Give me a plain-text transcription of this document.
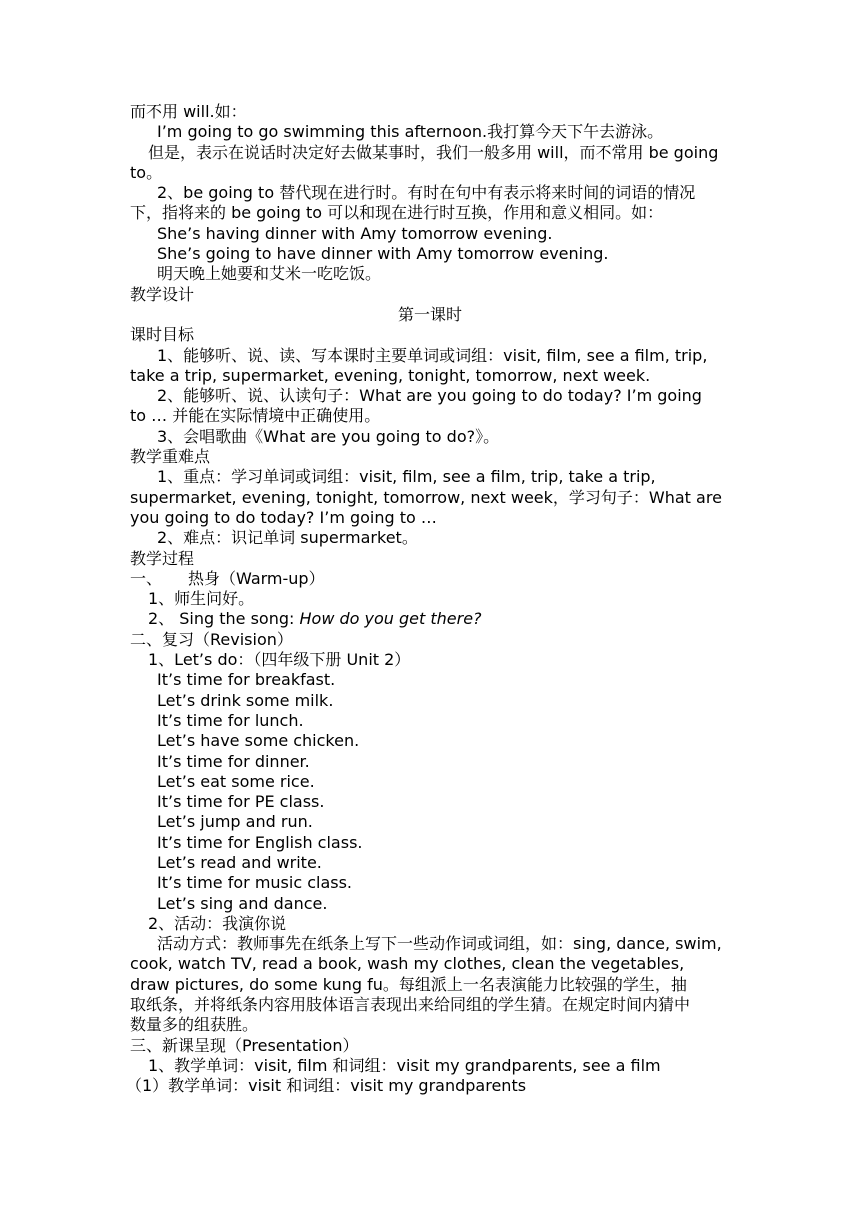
而不用 will.如：
I’m going to go swimming this afternoon.我打算今天下午去游泳。
但是，表示在说话时决定好去做某事时，我们一般多用 will，而不常用 be going
to。
2、be going to 替代现在进行时。有时在句中有表示将来时间的词语的情况
下，指将来的 be going to 可以和现在进行时互换，作用和意义相同。如：
She’s having dinner with Amy tomorrow evening.
She’s going to have dinner with Amy tomorrow evening.
明天晚上她要和艾米一吃吃饭。
教学设计
第一课时
课时目标
1、能够听、说、读、写本课时主要单词或词组：visit, film, see a film, trip,
take a trip, supermarket, evening, tonight, tomorrow, next week.
2、能够听、说、认读句子：What are you going to do today? I’m going
to … 并能在实际情境中正确使用。
3、会唱歌曲《What are you going to do?》。
教学重难点
1、重点：学习单词或词组：visit, film, see a film, trip, take a trip,
supermarket, evening, tonight, tomorrow, next week，学习句子：What are
you going to do today? I’m going to …
2、难点：识记单词 supermarket。
教学过程
一、 热身（Warm-up）
1、师生问好。
2、 Sing the song: How do you get there?
二、复习（Revision）
1、Let’s do：（四年级下册 Unit 2）
It’s time for breakfast.
Let’s drink some milk.
It’s time for lunch.
Let’s have some chicken.
It’s time for dinner.
Let’s eat some rice.
It’s time for PE class.
Let’s jump and run.
It’s time for English class.
Let’s read and write.
It’s time for music class.
Let’s sing and dance.
2、活动：我演你说
活动方式：教师事先在纸条上写下一些动作词或词组，如：sing, dance, swim,
cook, watch TV, read a book, wash my clothes, clean the vegetables,
draw pictures, do some kung fu。每组派上一名表演能力比较强的学生，抽
取纸条，并将纸条内容用肢体语言表现出来给同组的学生猜。在规定时间内猜中
数量多的组获胜。
三、新课呈现（Presentation）
1、教学单词：visit, film 和词组：visit my grandparents, see a film
（1）教学单词：visit 和词组：visit my grandparents
